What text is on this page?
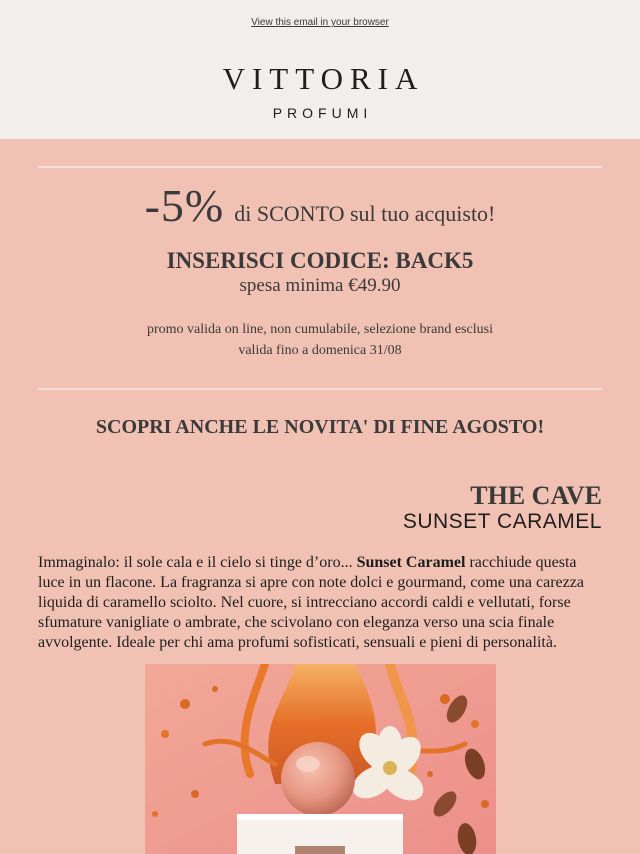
View this email in your browser
VITTORIA
PROFUMI
-5% di SCONTO sul tuo acquisto!
INSERISCI CODICE: BACK5
spesa minima €49.90
promo valida on line, non cumulabile, selezione brand esclusi
valida fino a domenica 31/08
SCOPRI ANCHE LE NOVITA' DI FINE AGOSTO!
THE CAVE
SUNSET CARAMEL

Immaginalo: il sole cala e il cielo si tinge d’oro... Sunset Caramel racchiude questa luce in un flacone. La fragranza si apre con note dolci e gourmand, come una carezza liquida di caramello sciolto. Nel cuore, si intrecciano accordi caldi e vellutati, forse sfumature vanigliate o ambrate, che scivolano con eleganza verso una scia finale avvolgente. Ideale per chi ama profumi sofisticati, sensuali e pieni di personalità.
